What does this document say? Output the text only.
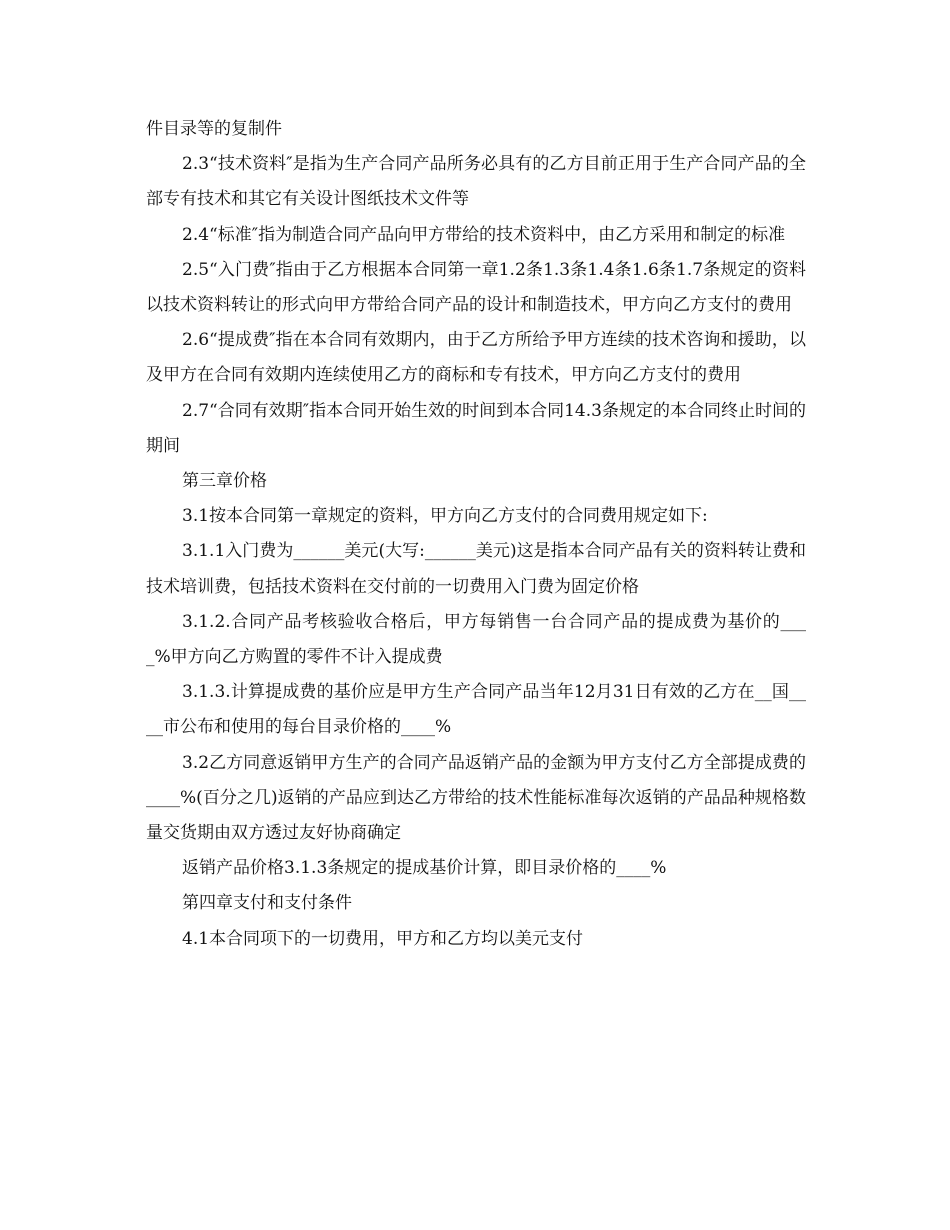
件目录等的复制件

2.3“技术资料″是指为生产合同产品所务必具有的乙方目前正用于生产合同产品的全部专有技术和其它有关设计图纸技术文件等

2.4“标准″指为制造合同产品向甲方带给的技术资料中，由乙方采用和制定的标准

2.5“入门费″指由于乙方根据本合同第一章1.2条1.3条1.4条1.6条1.7条规定的资料以技术资料转让的形式向甲方带给合同产品的设计和制造技术，甲方向乙方支付的费用

2.6“提成费″指在本合同有效期内，由于乙方所给予甲方连续的技术咨询和援助，以及甲方在合同有效期内连续使用乙方的商标和专有技术，甲方向乙方支付的费用

2.7“合同有效期″指本合同开始生效的时间到本合同14.3条规定的本合同终止时间的期间

第三章价格

3.1按本合同第一章规定的资料，甲方向乙方支付的合同费用规定如下:

3.1.1入门费为______美元(大写:______美元)这是指本合同产品有关的资料转让费和技术培训费，包括技术资料在交付前的一切费用入门费为固定价格

3.1.2.合同产品考核验收合格后，甲方每销售一台合同产品的提成费为基价的____%甲方向乙方购置的零件不计入提成费

3.1.3.计算提成费的基价应是甲方生产合同产品当年12月31日有效的乙方在__国____市公布和使用的每台目录价格的____%

3.2乙方同意返销甲方生产的合同产品返销产品的金额为甲方支付乙方全部提成费的____%(百分之几)返销的产品应到达乙方带给的技术性能标准每次返销的产品品种规格数量交货期由双方透过友好协商确定

返销产品价格3.1.3条规定的提成基价计算，即目录价格的____%

第四章支付和支付条件

4.1本合同项下的一切费用，甲方和乙方均以美元支付
